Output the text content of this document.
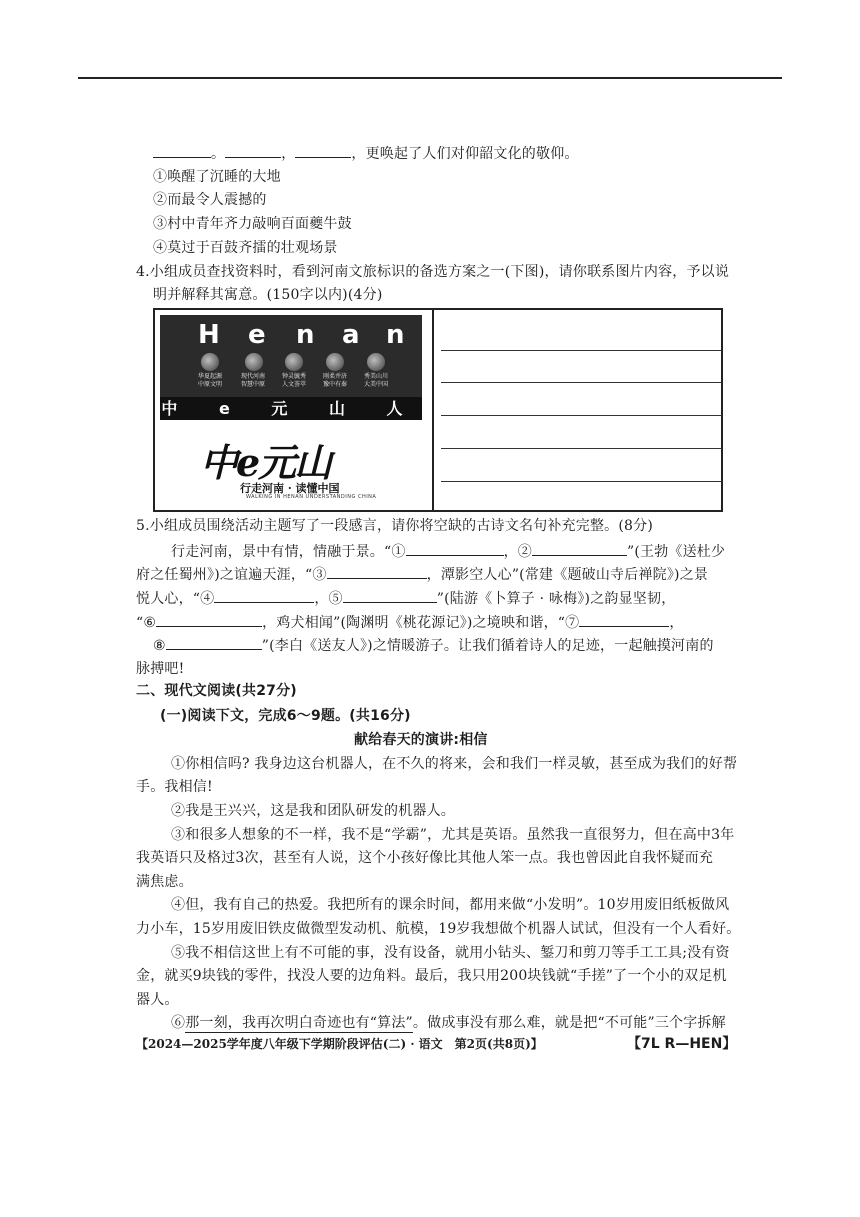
。	，	，更唤起了人们对仰韶文化的敬仰。
①唤醒了沉睡的大地
②而最令人震撼的
③村中青年齐力敲响百面夔牛鼓
④莫过于百鼓齐擂的壮观场景
4.小组成员查找资料时，看到河南文旅标识的备选方案之一(下图)，请你联系图片内容，予以说
明并解释其寓意。(150字以内)(4分)
H e n a n
华夏起源
中原文明
现代河南
智慧中原
钟灵毓秀
人文荟萃
刚柔并济
豫中有秦
秀美山川
大美中国
中 e 元 山 人
中e元山
行走河南 · 读懂中国
WALKING IN HENAN UNDERSTANDING CHINA
5.小组成员围绕活动主题写了一段感言，请你将空缺的古诗文名句补充完整。(8分)
行走河南，景中有情，情融于景。“①	，②	”(王勃《送杜少
府之任蜀州》)之谊遍天涯，“③	，潭影空人心”(常建《题破山寺后禅院》)之景
悦人心，“④	，⑤	”(陆游《卜算子 · 咏梅》)之韵显坚韧，
“⑥	，鸡犬相闻”(陶渊明《桃花源记》)之境映和谐，“⑦	，
⑧	”(李白《送友人》)之情暖游子。让我们循着诗人的足迹，一起触摸河南的
脉搏吧!
二、现代文阅读(共27分)
(一)阅读下文，完成6～9题。(共16分)
献给春天的演讲:相信
①你相信吗? 我身边这台机器人，在不久的将来，会和我们一样灵敏，甚至成为我们的好帮
手。我相信!
②我是王兴兴，这是我和团队研发的机器人。
③和很多人想象的不一样，我不是“学霸”，尤其是英语。虽然我一直很努力，但在高中3年
我英语只及格过3次，甚至有人说，这个小孩好像比其他人笨一点。我也曾因此自我怀疑而充
满焦虑。
④但，我有自己的热爱。我把所有的课余时间，都用来做“小发明”。10岁用废旧纸板做风
力小车，15岁用废旧铁皮做微型发动机、航模，19岁我想做个机器人试试，但没有一个人看好。
⑤我不相信这世上有不可能的事，没有设备，就用小钻头、錾刀和剪刀等手工工具;没有资
金，就买9块钱的零件，找没人要的边角料。最后，我只用200块钱就“手搓”了一个小的双足机
器人。
⑥那一刻，我再次明白奇迹也有“算法”。做成事没有那么难，就是把“不可能”三个字拆解
【2024—2025学年度八年级下学期阶段评估(二) · 语文　第2页(共8页)】	【7L R—HEN】
